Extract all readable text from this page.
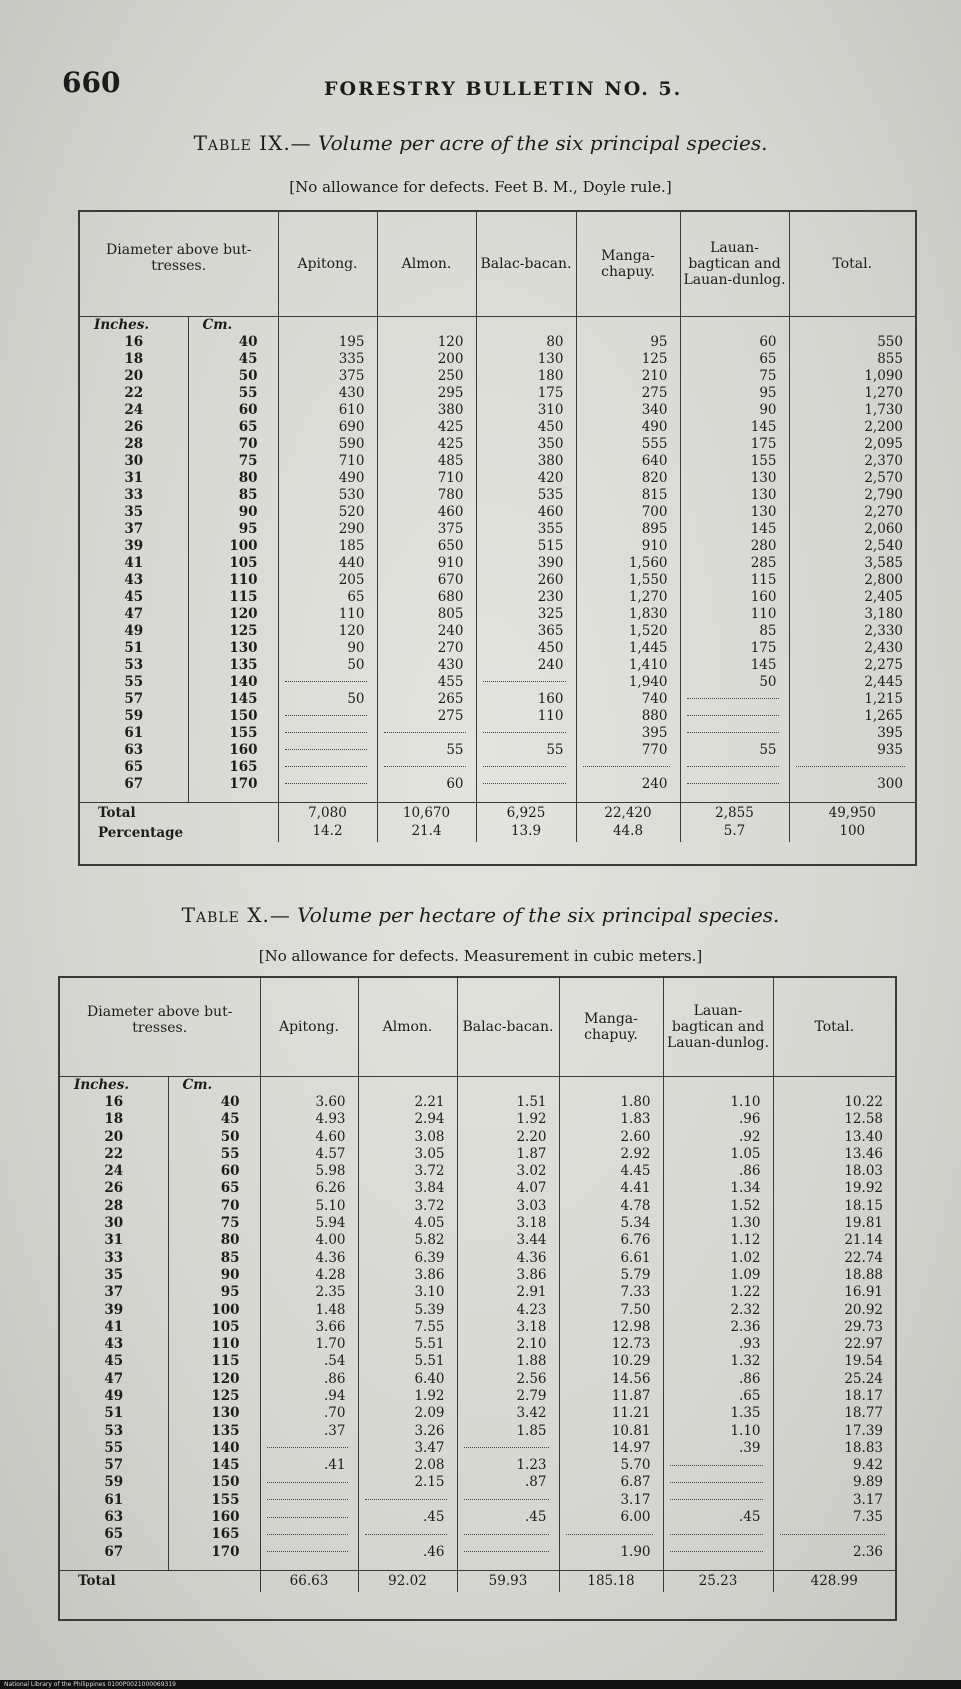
660	FORESTRY BULLETIN NO. 5.
Table IX.— Volume per acre of the six principal species.
[No allowance for defects. Feet B. M., Doyle rule.]
Diameter above but-tresses.		Apitong.	Almon.	Balac-bacan.	Manga-chapuy.	Lauan-bagtican and Lauan-dunlog.	Total.
Inches.	Cm.						
16	40	195	120	80	95	60	550
18	45	335	200	130	125	65	855
20	50	375	250	180	210	75	1,090
22	55	430	295	175	275	95	1,270
24	60	610	380	310	340	90	1,730
26	65	690	425	450	490	145	2,200
28	70	590	425	350	555	175	2,095
30	75	710	485	380	640	155	2,370
31	80	490	710	420	820	130	2,570
33	85	530	780	535	815	130	2,790
35	90	520	460	460	700	130	2,270
37	95	290	375	355	895	145	2,060
39	100	185	650	515	910	280	2,540
41	105	440	910	390	1,560	285	3,585
43	110	205	670	260	1,550	115	2,800
45	115	65	680	230	1,270	160	2,405
47	120	110	805	325	1,830	110	3,180
49	125	120	240	365	1,520	85	2,330
51	130	90	270	450	1,445	175	2,430
53	135	50	430	240	1,410	145	2,275
55	140		455		1,940	50	2,445
57	145	50	265	160	740		1,215
59	150		275	110	880		1,265
61	155				395		395
63	160		55	55	770	55	935
65	165	

67	170		60		240		300

Total		7,080	10,670	6,925	22,420	2,855	49,950
Percentage		14.2	21.4	13.9	44.8	5.7	100
Table X.— Volume per hectare of the six principal species.
[No allowance for defects. Measurement in cubic meters.]
Diameter above but-tresses.		Apitong.	Almon.	Balac-bacan.	Manga-chapuy.	Lauan-bagtican and Lauan-dunlog.	Total.
Inches.	Cm.						
16	40	3.60	2.21	1.51	1.80	1.10	10.22
18	45	4.93	2.94	1.92	1.83	.96	12.58
20	50	4.60	3.08	2.20	2.60	.92	13.40
22	55	4.57	3.05	1.87	2.92	1.05	13.46
24	60	5.98	3.72	3.02	4.45	.86	18.03
26	65	6.26	3.84	4.07	4.41	1.34	19.92
28	70	5.10	3.72	3.03	4.78	1.52	18.15
30	75	5.94	4.05	3.18	5.34	1.30	19.81
31	80	4.00	5.82	3.44	6.76	1.12	21.14
33	85	4.36	6.39	4.36	6.61	1.02	22.74
35	90	4.28	3.86	3.86	5.79	1.09	18.88
37	95	2.35	3.10	2.91	7.33	1.22	16.91
39	100	1.48	5.39	4.23	7.50	2.32	20.92
41	105	3.66	7.55	3.18	12.98	2.36	29.73
43	110	1.70	5.51	2.10	12.73	.93	22.97
45	115	.54	5.51	1.88	10.29	1.32	19.54
47	120	.86	6.40	2.56	14.56	.86	25.24
49	125	.94	1.92	2.79	11.87	.65	18.17
51	130	.70	2.09	3.42	11.21	1.35	18.77
53	135	.37	3.26	1.85	10.81	1.10	17.39
55	140		3.47		14.97	.39	18.83
57	145	.41	2.08	1.23	5.70		9.42
59	150		2.15	.87	6.87		9.89
61	155				3.17		3.17
63	160		.45	.45	6.00	.45	7.35
65	165	

67	170		.46		1.90		2.36

Total		66.63	92.02	59.93	185.18	25.23	428.99
National Library of the Philippines 0100P0021000069319
